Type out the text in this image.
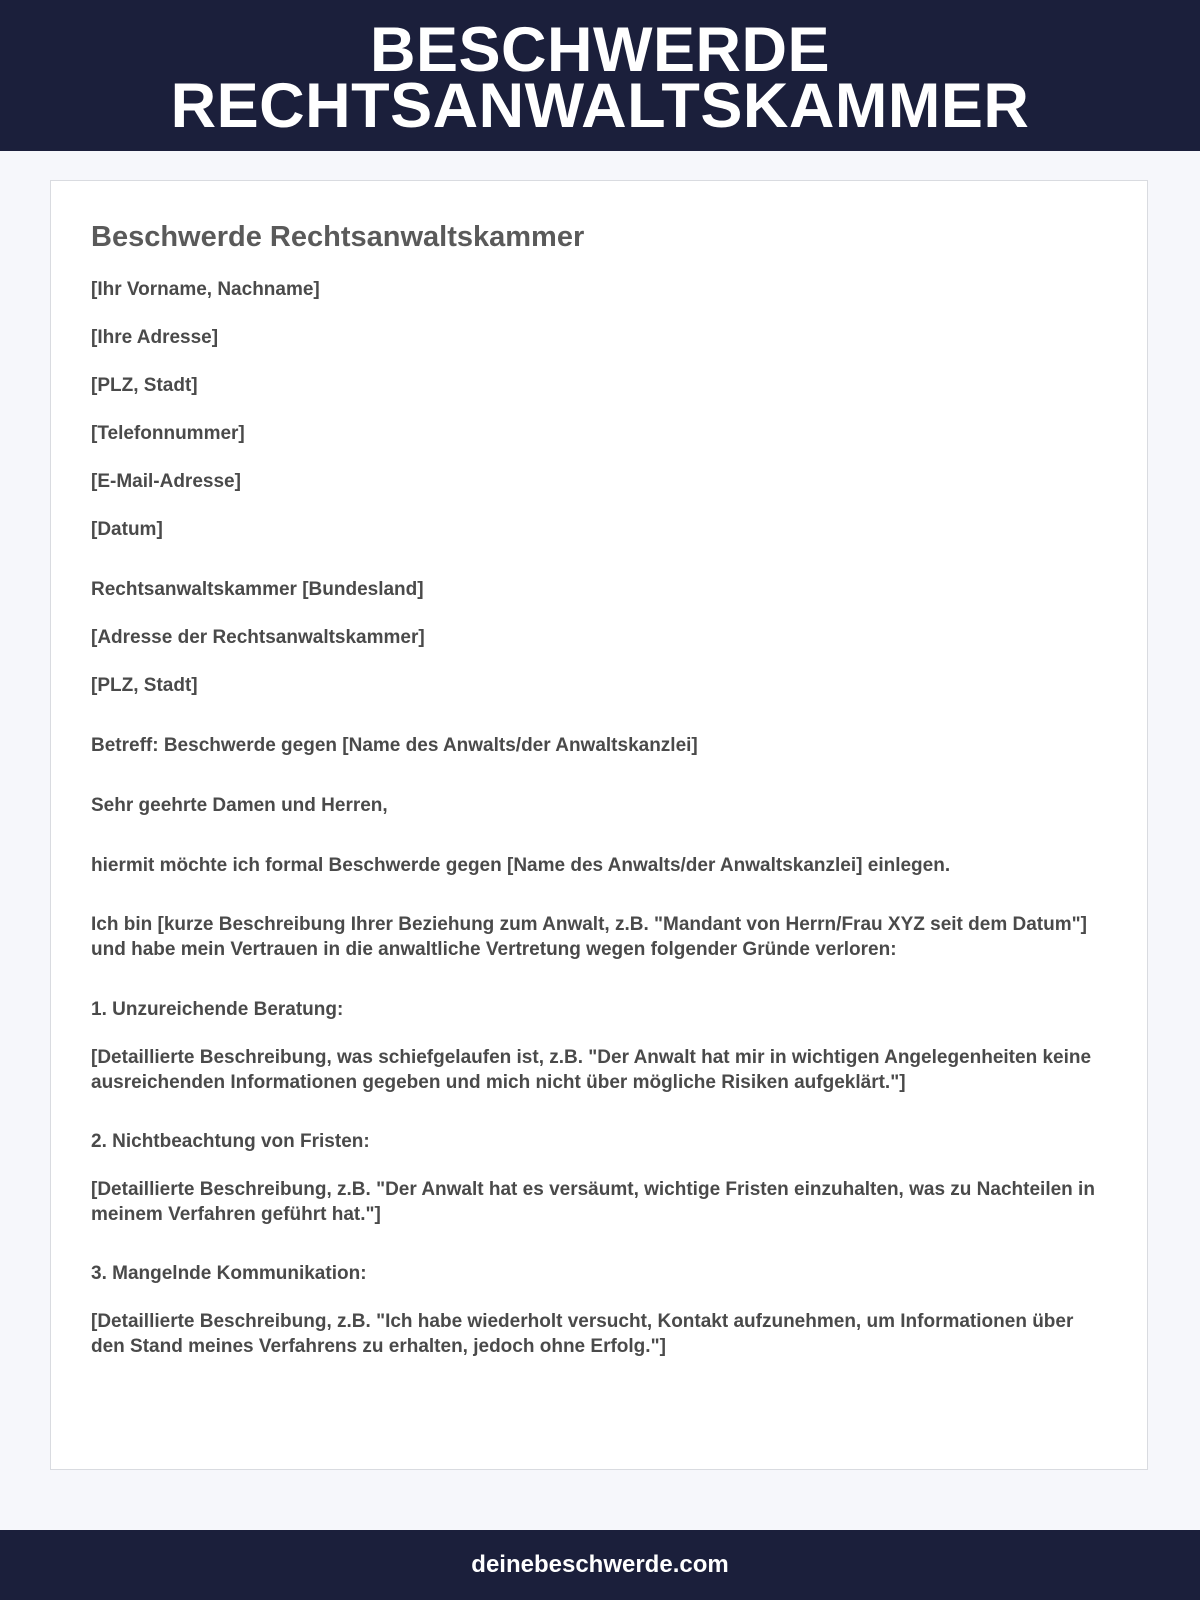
BESCHWERDE
RECHTSANWALTSKAMMER
Beschwerde Rechtsanwaltskammer

[Ihr Vorname, Nachname]

[Ihre Adresse]

[PLZ, Stadt]

[Telefonnummer]

[E-Mail-Adresse]

[Datum]

Rechtsanwaltskammer [Bundesland]

[Adresse der Rechtsanwaltskammer]

[PLZ, Stadt]

Betreff: Beschwerde gegen [Name des Anwalts/der Anwaltskanzlei]

Sehr geehrte Damen und Herren,

hiermit möchte ich formal Beschwerde gegen [Name des Anwalts/der Anwaltskanzlei] einlegen.

Ich bin [kurze Beschreibung Ihrer Beziehung zum Anwalt, z.B. "Mandant von Herrn/Frau XYZ seit dem Datum"] und habe mein Vertrauen in die anwaltliche Vertretung wegen folgender Gründe verloren:

1. Unzureichende Beratung:

[Detaillierte Beschreibung, was schiefgelaufen ist, z.B. "Der Anwalt hat mir in wichtigen Angelegenheiten keine ausreichenden Informationen gegeben und mich nicht über mögliche Risiken aufgeklärt."]

2. Nichtbeachtung von Fristen:

[Detaillierte Beschreibung, z.B. "Der Anwalt hat es versäumt, wichtige Fristen einzuhalten, was zu Nachteilen in meinem Verfahren geführt hat."]

3. Mangelnde Kommunikation:

[Detaillierte Beschreibung, z.B. "Ich habe wiederholt versucht, Kontakt aufzunehmen, um Informationen über den Stand meines Verfahrens zu erhalten, jedoch ohne Erfolg."]

deinebeschwerde.com
